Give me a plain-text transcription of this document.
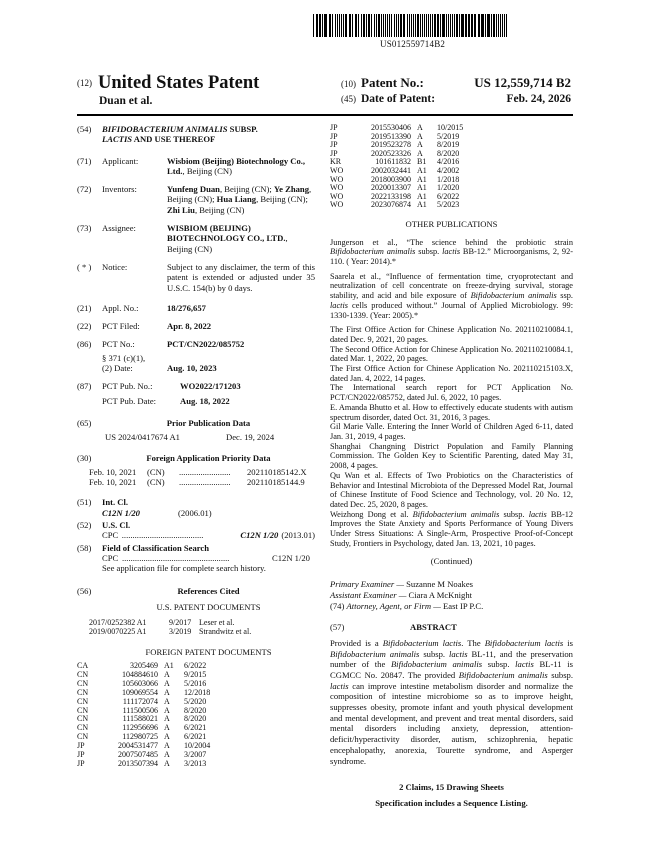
US012559714B2
(12) United States Patent
Duan et al.
(10) Patent No.:	US 12,559,714 B2
(45) Date of Patent:	Feb. 24, 2026
(54)	BIFIDOBACTERIUM ANIMALIS SUBSP.
LACTIS AND USE THEREOF
(71)	Applicant:	Wisbiom (Beijing) Biotechnology Co., Ltd., Beijing (CN)
(72)	Inventors:	Yunfeng Duan, Beijing (CN); Ye Zhang, Beijing (CN); Hua Liang, Beijing (CN); Zhi Liu, Beijing (CN)
(73)	Assignee:	WISBIOM (BEIJING) BIOTECHNOLOGY CO., LTD., Beijing (CN)
( * )	Notice:	Subject to any disclaimer, the term of this patent is extended or adjusted under 35 U.S.C. 154(b) by 0 days.
(21)	Appl. No.:	18/276,657
(22)	PCT Filed:	Apr. 8, 2022
(86)	PCT No.:	PCT/CN2022/085752
§ 371 (c)(1),
(2) Date:	Aug. 10, 2023
(87)	PCT Pub. No.:	WO2022/171203
PCT Pub. Date:	Aug. 18, 2022
(65)	Prior Publication Data
US 2024/0417674 A1	Dec. 19, 2024
(30)	Foreign Application Priority Data
Feb. 10, 2021	(CN)	........................	202110185142.X
Feb. 10, 2021	(CN)	........................	202110185144.9
(51)	Int. Cl.
C12N 1/20	(2006.01)
(52)	U.S. Cl.
CPC ......................................	C12N 1/20 (2013.01)
(58)	Field of Classification Search
CPC ..................................................	C12N 1/20
See application file for complete search history.
(56)	References Cited
U.S. PATENT DOCUMENTS
2017/0252382 A1	9/2017 Leser et al.
2019/0070225 A1	3/2019 Strandwitz et al.
FOREIGN PATENT DOCUMENTS
CA	3205469 A1	6/2022
CN	104884610 A	9/2015
CN	105603066 A	5/2016
CN	109069554 A	12/2018
CN	111172074 A	5/2020
CN	111500506 A	8/2020
CN	111588021 A	8/2020
CN	112956696 A	6/2021
CN	112980725 A	6/2021
JP	2004531477 A	10/2004
JP	2007507485 A	3/2007
JP	2013507394 A	3/2013
JP	2015530406 A	10/2015
JP	2019513390 A	5/2019
JP	2019523278 A	8/2019
JP	2020523326 A	8/2020
KR	101611832 B1	4/2016
WO	2002032441 A1	4/2002
WO	2018003900 A1	1/2018
WO	2020013307 A1	1/2020
WO	2022133198 A1	6/2022
WO	2023076874 A1	5/2023
OTHER PUBLICATIONS

Jungerson et al., “The science behind the probiotic strain Bifidobacterium animalis subsp. lactis BB-12.” Microorganisms, 2, 92-110. ( Year: 2014).*

Saarela et al., “Influence of fermentation time, cryoprotectant and neutralization of cell concentrate on freeze-drying survival, storage stability, and acid and bile exposure of Bifidobacterium animalis ssp. lactis cells produced without.” Journal of Applied Microbiology. 99: 1330-1339. (Year: 2005).*

The First Office Action for Chinese Application No. 202110210084.1, dated Dec. 9, 2021, 20 pages.

The Second Office Action for Chinese Application No. 202110210084.1, dated Mar. 1, 2022, 20 pages.

The First Office Action for Chinese Application No. 202110215103.X, dated Jan. 4, 2022, 14 pages.

The International search report for PCT Application No. PCT/CN2022/085752, dated Jul. 6, 2022, 10 pages.

E. Amanda Bhutto et al. How to effectively educate students with autism spectrum disorder, dated Oct. 31, 2016, 3 pages.

Gil Marie Valle. Entering the Inner World of Children Aged 6-11, dated Jan. 31, 2019, 4 pages.

Shanghai Changning District Population and Family Planning Commission. The Golden Key to Scientific Parenting, dated May 31, 2008, 4 pages.

Qu Wan et al. Effects of Two Probiotics on the Characteristics of Behavior and Intestinal Microbiota of the Depressed Model Rat, Journal of Chinese Institute of Food Science and Technology, vol. 20 No. 12, dated Dec. 25, 2020, 8 pages.

Weizhong Dong et al. Bifidobacterium animalis subsp. lactis BB-12 Improves the State Anxiety and Sports Performance of Young Divers Under Stress Situations: A Single-Arm, Prospective Proof-of-Concept Study, Frontiers in Psychology, dated Jan. 13, 2021, 10 pages.

(Continued)
Primary Examiner — Suzanne M Noakes
Assistant Examiner — Ciara A McKnight
(74) Attorney, Agent, or Firm — East IP P.C.
(57)	ABSTRACT
Provided is a Bifidobacterium lactis. The Bifidobacterium lactis is Bifidobacterium animalis subsp. lactis BL-11, and the preservation number of the Bifidobacterium animalis subsp. lactis BL-11 is CGMCC No. 20847. The provided Bifidobacterium animalis subsp. lactis can improve intestine metabolism disorder and normalize the composition of intestine microbiome so as to improve height, suppresses obesity, promote infant and youth physical development and mental development, and prevent and treat mental disorders, said mental disorders including anxiety, depression, attention-deficit/hyperactivity disorder, autism, schizophrenia, hepatic encephalopathy, anorexia, Tourette syndrome, and Asperger syndrome.
2 Claims, 15 Drawing Sheets
Specification includes a Sequence Listing.
